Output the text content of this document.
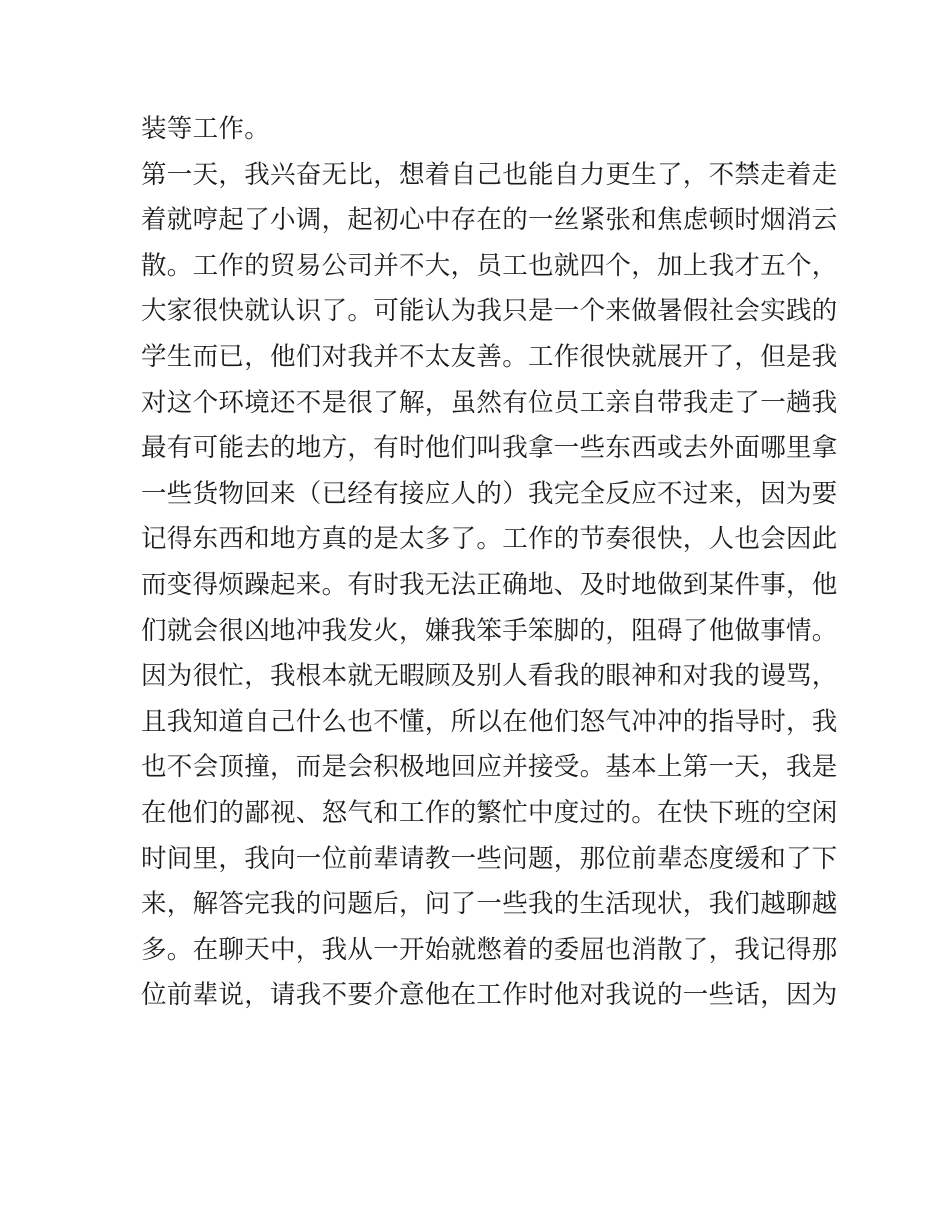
装等工作。
第一天，我兴奋无比，想着自己也能自力更生了，不禁走着走
着就哼起了小调，起初心中存在的一丝紧张和焦虑顿时烟消云
散。工作的贸易公司并不大，员工也就四个，加上我才五个，
大家很快就认识了。可能认为我只是一个来做暑假社会实践的
学生而已，他们对我并不太友善。工作很快就展开了，但是我
对这个环境还不是很了解，虽然有位员工亲自带我走了一趟我
最有可能去的地方，有时他们叫我拿一些东西或去外面哪里拿
一些货物回来（已经有接应人的）我完全反应不过来，因为要
记得东西和地方真的是太多了。工作的节奏很快，人也会因此
而变得烦躁起来。有时我无法正确地、及时地做到某件事，他
们就会很凶地冲我发火，嫌我笨手笨脚的，阻碍了他做事情。
因为很忙，我根本就无暇顾及别人看我的眼神和对我的谩骂，
且我知道自己什么也不懂，所以在他们怒气冲冲的指导时，我
也不会顶撞，而是会积极地回应并接受。基本上第一天，我是
在他们的鄙视、怒气和工作的繁忙中度过的。在快下班的空闲
时间里，我向一位前辈请教一些问题，那位前辈态度缓和了下
来，解答完我的问题后，问了一些我的生活现状，我们越聊越
多。在聊天中，我从一开始就憋着的委屈也消散了，我记得那
位前辈说，请我不要介意他在工作时他对我说的一些话，因为
